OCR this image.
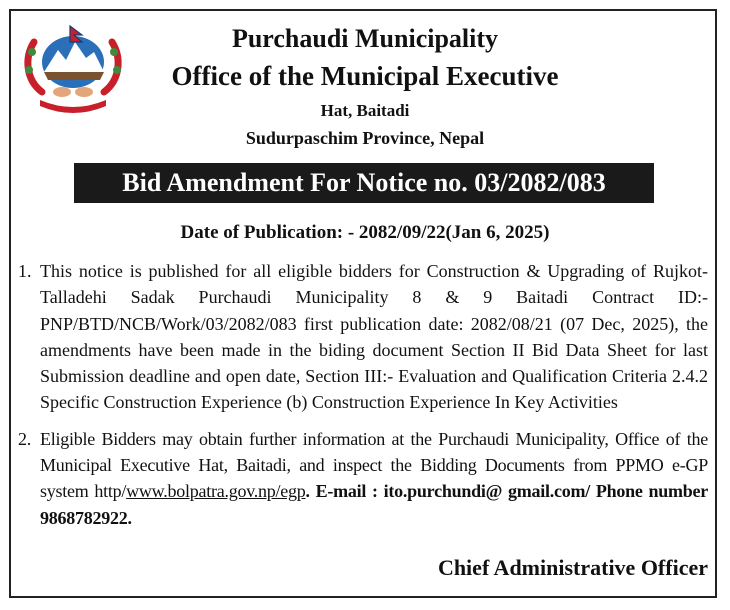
Purchaudi Municipality
Office of the Municipal Executive
Hat, Baitadi
Sudurpaschim Province, Nepal
Bid Amendment For Notice no. 03/2082/083
Date of Publication: - 2082/09/22(Jan 6, 2025)
1. This notice is published for all eligible bidders for Construction & Upgrading of Rujkot-Talladehi Sadak Purchaudi Municipality 8 & 9 Baitadi Contract ID:- PNP/BTD/NCB/Work/03/2082/083 first publication date: 2082/08/21 (07 Dec, 2025), the amendments have been made in the biding document Section II Bid Data Sheet for last Submission deadline and open date, Section III:- Evaluation and Qualification Criteria 2.4.2 Specific Construction Experience (b) Construction Experience In Key Activities
2. Eligible Bidders may obtain further information at the Purchaudi Municipality, Office of the Municipal Executive Hat, Baitadi, and inspect the Bidding Documents from PPMO e-GP system http/www.bolpatra.gov.np/egp. E-mail : ito.purchundi@ gmail.com/ Phone number 9868782922.
Chief Administrative Officer
